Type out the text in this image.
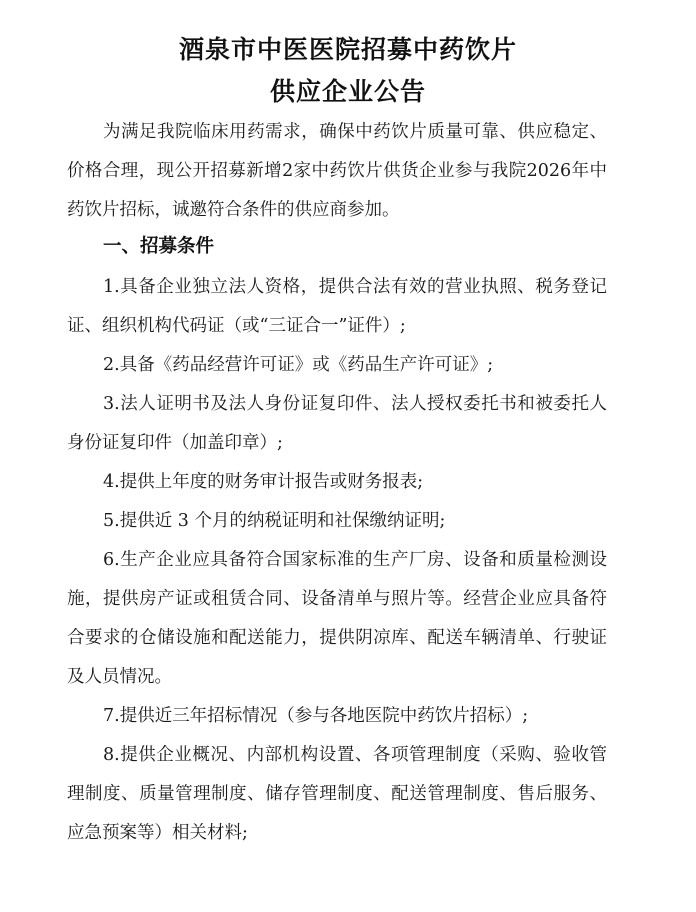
酒泉市中医医院招募中药饮片
供应企业公告

为满足我院临床用药需求，确保中药饮片质量可靠、供应稳定、价格合理，现公开招募新增2家中药饮片供货企业参与我院2026年中药饮片招标，诚邀符合条件的供应商参加。

一、招募条件

1.具备企业独立法人资格，提供合法有效的营业执照、税务登记证、组织机构代码证（或“三证合一”证件）;

2.具备《药品经营许可证》或《药品生产许可证》;

3.法人证明书及法人身份证复印件、法人授权委托书和被委托人身份证复印件（加盖印章）;

4.提供上年度的财务审计报告或财务报表;

5.提供近 3 个月的纳税证明和社保缴纳证明;

6.生产企业应具备符合国家标准的生产厂房、设备和质量检测设施，提供房产证或租赁合同、设备清单与照片等。经营企业应具备符合要求的仓储设施和配送能力，提供阴凉库、配送车辆清单、行驶证及人员情况。

7.提供近三年招标情况（参与各地医院中药饮片招标）;

8.提供企业概况、内部机构设置、各项管理制度（采购、验收管理制度、质量管理制度、储存管理制度、配送管理制度、售后服务、应急预案等）相关材料;
